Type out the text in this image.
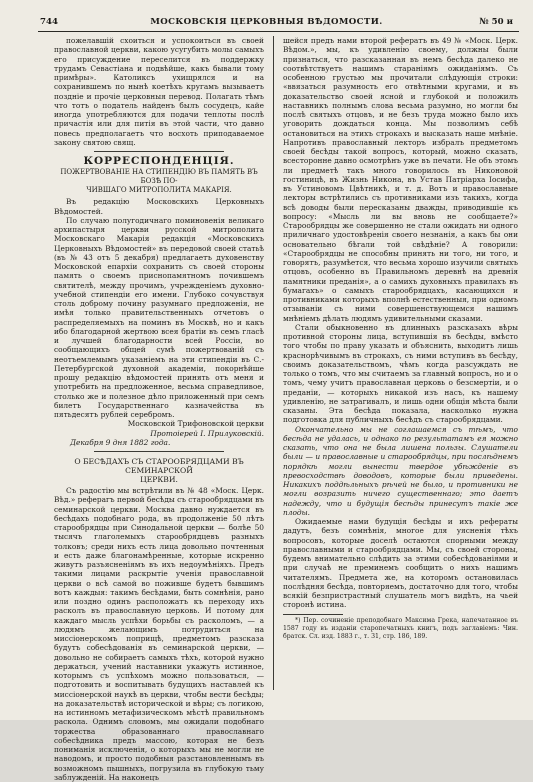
744	МОСКОВСКІЯ ЦЕРКОВНЫЯ ВѢДОМОСТИ.	№ 50 и

пожелавшій схоиться и успокоиться въ своей православной церкви, какою усугубить молы самыхъ его присуждение переселится въ поддержку трудамъ Севастіана и подвѣйше, какъ бывали тому примѣры». Католиксъ ухищрялся и на сохранившемъ по нынѣ коетѣхъ кругамъ вызываетъ поздніе и прочіе церковныя перевод. Полагать тѣмъ что тотъ о податель найденъ былъ сосудецъ, кайе иногда употребляются для подачи теплоты послѣ причастія или для питія въ этой части, что давно повесь предполагаетъ что восхоть приподаваемое закону святою свящ.

КОРРЕСПОНДЕНЦІЯ.

ПОЖЕРТВОВАНІЕ НА СТИПЕНДІЮ ВЪ ПАМЯТЬ ВЪ БОЗѢ ПО-

ЧИВШАГО МИТРОПОЛИТА МАКАРІЯ.

Въ редакцію Московскихъ Церковныхъ Вѣдомостей.

По случаю полугодичнаго поминовенія великаго архипастыря церкви русской митрополита Московскаго Макарія редакція «Московскихъ Церковныхъ Вѣдомостей» въ передовой своей статьѣ (въ № 43 отъ 5 декабря) предлагаетъ духовенству Московской епархіи сохранить съ своей стороны память о своемъ приснопамятномъ почившемъ святителѣ, между прочимъ, учрежденіемъ духовно-учебной стипендіи его имени. Глубоко сочувствуя столь доброму почину разумнаго предложенія, не имѣя только правительственныхъ отчетовъ о распределяемыхъ на поминъ въ Москвѣ, но и какъ ибо благодарной жертвою всея братіи въ семъ гласѣ и лучшей благодарности всей Россіи, во сообщающихъ общей сумѣ пожертвованій съ неотъемлемымъ указаніемъ на эти стипендіи въ С.-Петербургской духовной академіи, покорнѣйше прошу редакцію вѣдомостей принять отъ меня и употребить на предложенное, весьма справедливое, столько же и полезное дѣло приложенный при семъ билетъ Государственнаго казначейства въ пятьдесятъ рублей серебромъ.

Московской Трифоновской церкви

Протоіерей І. Прилуковскій.

Декабря 9 дня 1882 года.

О БЕСѢДАХЪ СЪ СТАРООБРЯДЦАМИ ВЪ СЕМИНАРСКОЙ

ЦЕРКВИ.

Съ радостію мы встрѣтили въ № 48 «Моск. Церк. Вѣд.» реферагъ первой бесѣды съ старообрядцами въ семинарской церкви. Москва давно нуждается въ бесѣдахъ подобнаго рода, въ продолженіе 50 лѣтъ старообрядцы при Синодальной церкви — болѣе 50 тысячъ глаголемыхъ старообрядцевъ разныхъ толковъ; среди нихъ есть лица довольно почтенныя и есть даже благонамѣренные, которые искренно живутъ разъясненіямъ въ ихъ недоумѣніяхъ. Предъ такими лицами раскрытіе ученія православной церкви о всѣ самой во поживше будетъ бывшимъ вотъ каждыя: такимъ бесѣдами, быть сомнѣнія, рано или поздно одинъ расположатъ къ переходу ихъ расколъ въ православную церковь. И потому для каждаго мысль успѣхи борьбы съ расколомъ, — а людямъ желающимъ потрудиться на миссіонерскомъ поприщѣ, предметомъ разсказа будутъ собесѣдованія въ семинарской церкви, — довольно не собираетъ самыхъ тѣхъ, которой нужно держаться, учений наставники укажутъ истинное, которымъ съ успѣхомъ можно пользоваться, — подготовить и воспитывать будущихъ наставлей къ миссіонерской наукѣ въ церкви, чтобы вести бесѣды; на доказательствѣ исторической и вѣры; съ логикою, на истинномъ метафизическомъ мѣстѣ правильномъ раскола. Однимъ словомъ, мы ожидали подобнаго торжества образованнаго православнаго собесѣдника предъ массою, которая не безъ пониманія исключенія, о которыхъ мы не могли не наводомъ, и просто подобныя разстановленнымъ въ возможномъ пышныхъ, погрузила въ глубокую тьму заблужденій. На наконецъ

шейся предъ нами второй рефератъ въ 49 № «Моск. Церк. Вѣдом.», мы, къ удивленію своему, должны были признаться, что разсказанная въ немъ бесѣда далеко не соотвѣтствуетъ нашимъ стараніямъ ожиданіямъ. Съ особенною грустью мы прочитали слѣдующія строки: «ввязаться разумность его отвѣтными кругами, и въ доказательство своей ясной и глубокой и положилъ наставникъ полнымъ слова весьма разумно, но могли бы послѣ святыхъ отцовъ, и не безъ труда можно было ихъ уговорить дождаться конца. Мы позволимъ себѣ остановиться на этихъ строкахъ и высказать наше мнѣніе. Напротивъ православный лекторъ избралъ предметомъ своей бесѣды такой вопросъ, который, можно сказать, всесторонне давно осмотрѣнъ уже въ печати. Не объ этомъ ли предметѣ такъ много говорилось въ Никоновой гостиницѣ, въ Жизнь Никона, въ Устав Патріарха Іосифа, въ Устиновомъ Цвѣтникѣ, и т. д. Вотъ и православные лекторы встрѣтились съ противниками изъ такихъ, когда всѣ доводы были пересказаны дважды, приводившіе къ вопросу: «Мысль ли вы вновь не сообщаете?» Старообрядцы же совершенно не стали ожидать ни одного приличнаго удостовѣренія своего незнанія, а какъ бы они основательно бѣгали той свѣдѣніе? А говорили: «Старообрядцы не способны принять ни того, ни того, и говорятъ, разумѣется, что весьма хорошо изучили святыхъ отцовъ, особенно въ Правильномъ деревнѣ на древнія памятники преданія», а о самихъ духовныхъ правилахъ въ бумагахъ» о самыхъ старообрядцахъ, касающихся и противниками которыхъ вполнѣ естественныя, при одномъ отзываніи съ ними совершенствующемся нашимъ мнѣніемъ дѣлать людямъ удивительными сказами.

Стали обыкновенно въ длинныхъ разсказахъ вѣры противной стороны лица, вступившія въ бесѣды, вмѣсто того чтобы по праву указать и объяснить, выходитъ лишь краснорѣчивымъ въ строкахъ, съ ними вступивъ въ бесѣду, своимъ доказательствомъ, чѣмъ когда разсуждать не только о томъ, что мы считаемъ за главный вопросъ, но и о томъ, чему учитъ православная церковь о безсмертіи, и о преданіи, — которыхъ никакой изъ насъ, къ нашему удивленію, не затрагивалъ, и лишь одни общія мѣста были сказаны. Эта бесѣда показала, насколько нужна подготовка для публичныхъ бесѣдъ съ старообрядцами.

Окончательно мы не соглашаемся съ тѣмъ, что бесѣда не удалась, и однако по результатамъ ея можно сказать, что она не была лишена пользы. Слушатели были — и православные и старообрядцы, при послѣднемъ порядкѣ могли вынести твердое убѣжденіе въ превосходствѣ доводовъ, которые были приведены. Никакихъ поддѣльныхъ рѣчей не было, и противники не могли возразить ничего существеннаго; это даетъ надежду, что и будущія бесѣды принесутъ такіе же плоды.

Ожидаемые нами будущія бесѣды и ихъ рефераты дадутъ, безъ сомнѣнія, многое для уясненія тѣхъ вопросовъ, которые доселѣ остаются спорными между православными и старообрядцами. Мы, съ своей стороны, будемъ внимательно слѣдить за этими собесѣдованіями и при случаѣ не преминемъ сообщить о нихъ нашимъ читателямъ. Предмета же, на которомъ остановилась послѣдняя бесѣда, повторяемъ, достаточно для того, чтобы всякій безпристрастный слушатель могъ видѣть, на чьей сторонѣ истина.

*) Пер. сочиненіе преподобнаго Максима Грека, напечатанное въ 1587 году въ изданіи старопечатныхъ книгъ, подъ заглавіемъ: Чин. братск. Сл. изд. 1883 г., т. 31, стр. 186, 189.
